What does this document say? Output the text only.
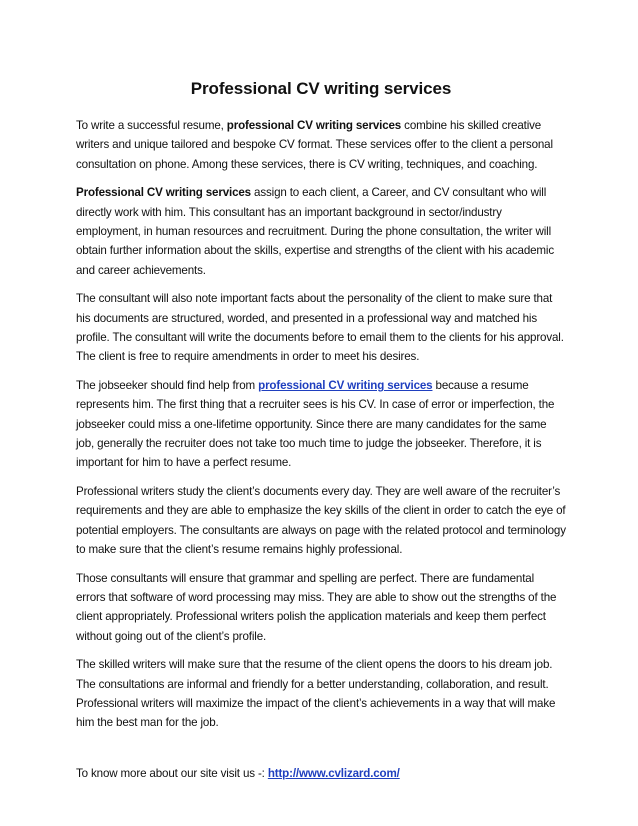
Professional CV writing services

To write a successful resume, professional CV writing services combine his skilled creative writers and unique tailored and bespoke CV format. These services offer to the client a personal consultation on phone. Among these services, there is CV writing, techniques, and coaching.

Professional CV writing services assign to each client, a Career, and CV consultant who will directly work with him. This consultant has an important background in sector/industry employment, in human resources and recruitment. During the phone consultation, the writer will obtain further information about the skills, expertise and strengths of the client with his academic and career achievements.

The consultant will also note important facts about the personality of the client to make sure that his documents are structured, worded, and presented in a professional way and matched his profile. The consultant will write the documents before to email them to the clients for his approval. The client is free to require amendments in order to meet his desires.

The jobseeker should find help from professional CV writing services because a resume represents him. The first thing that a recruiter sees is his CV. In case of error or imperfection, the jobseeker could miss a one-lifetime opportunity. Since there are many candidates for the same job, generally the recruiter does not take too much time to judge the jobseeker. Therefore, it is important for him to have a perfect resume.

Professional writers study the client’s documents every day. They are well aware of the recruiter’s requirements and they are able to emphasize the key skills of the client in order to catch the eye of potential employers. The consultants are always on page with the related protocol and terminology to make sure that the client’s resume remains highly professional.

Those consultants will ensure that grammar and spelling are perfect. There are fundamental errors that software of word processing may miss. They are able to show out the strengths of the client appropriately. Professional writers polish the application materials and keep them perfect without going out of the client’s profile.

The skilled writers will make sure that the resume of the client opens the doors to his dream job. The consultations are informal and friendly for a better understanding, collaboration, and result. Professional writers will maximize the impact of the client’s achievements in a way that will make him the best man for the job.

To know more about our site visit us -: http://www.cvlizard.com/
